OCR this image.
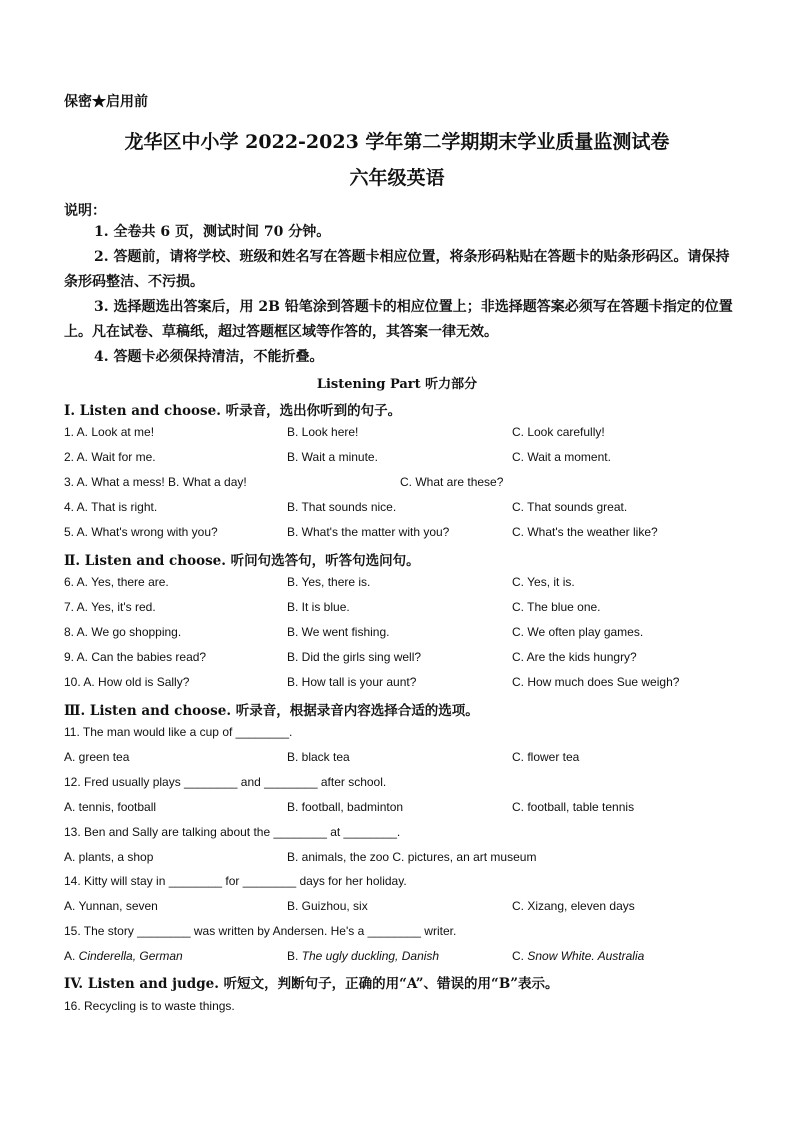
保密★启用前
龙华区中小学 2022-2023 学年第二学期期末学业质量监测试卷
六年级英语
说明：
1. 全卷共 6 页，测试时间 70 分钟。
2. 答题前，请将学校、班级和姓名写在答题卡相应位置，将条形码粘贴在答题卡的贴条形码区。请保持条形码整洁、不污损。
3. 选择题选出答案后，用 2B 铅笔涂到答题卡的相应位置上；非选择题答案必须写在答题卡指定的位置上。凡在试卷、草稿纸，超过答题框区域等作答的，其答案一律无效。
4. 答题卡必须保持清洁，不能折叠。
Listening Part 听力部分
I. Listen and choose. 听录音，选出你听到的句子。
1. A. Look at me!	B. Look here!	C. Look carefully!
2. A. Wait for me.	B. Wait a minute.	C. Wait a moment.
3. A. What a mess! B. What a day!	C. What are these?
4. A. That is right.	B. That sounds nice.	C. That sounds great.
5. A. What's wrong with you?	B. What's the matter with you?	C. What's the weather like?
Ⅱ. Listen and choose. 听问句选答句，听答句选问句。
6. A. Yes, there are.	B. Yes, there is.	C. Yes, it is.
7. A. Yes, it's red.	B. It is blue.	C. The blue one.
8. A. We go shopping.	B. We went fishing.	C. We often play games.
9. A. Can the babies read?	B. Did the girls sing well?	C. Are the kids hungry?
10. A. How old is Sally?	B. How tall is your aunt?	C. How much does Sue weigh?
Ⅲ. Listen and choose. 听录音，根据录音内容选择合适的选项。
11. The man would like a cup of ________.
A. green tea	B. black tea	C. flower tea
12. Fred usually plays ________ and ________ after school.
A. tennis, football	B. football, badminton	C. football, table tennis
13. Ben and Sally are talking about the ________ at ________.
A. plants, a shop	B. animals, the zoo C. pictures, an art museum
14. Kitty will stay in ________ for ________ days for her holiday.
A. Yunnan, seven	B. Guizhou, six	C. Xizang, eleven days
15. The story ________ was written by Andersen. He's a ________ writer.
A. Cinderella, German	B. The ugly duckling, Danish	C. Snow White. Australia
IV. Listen and judge. 听短文，判断句子，正确的用“A”、错误的用“B”表示。
16. Recycling is to waste things.
